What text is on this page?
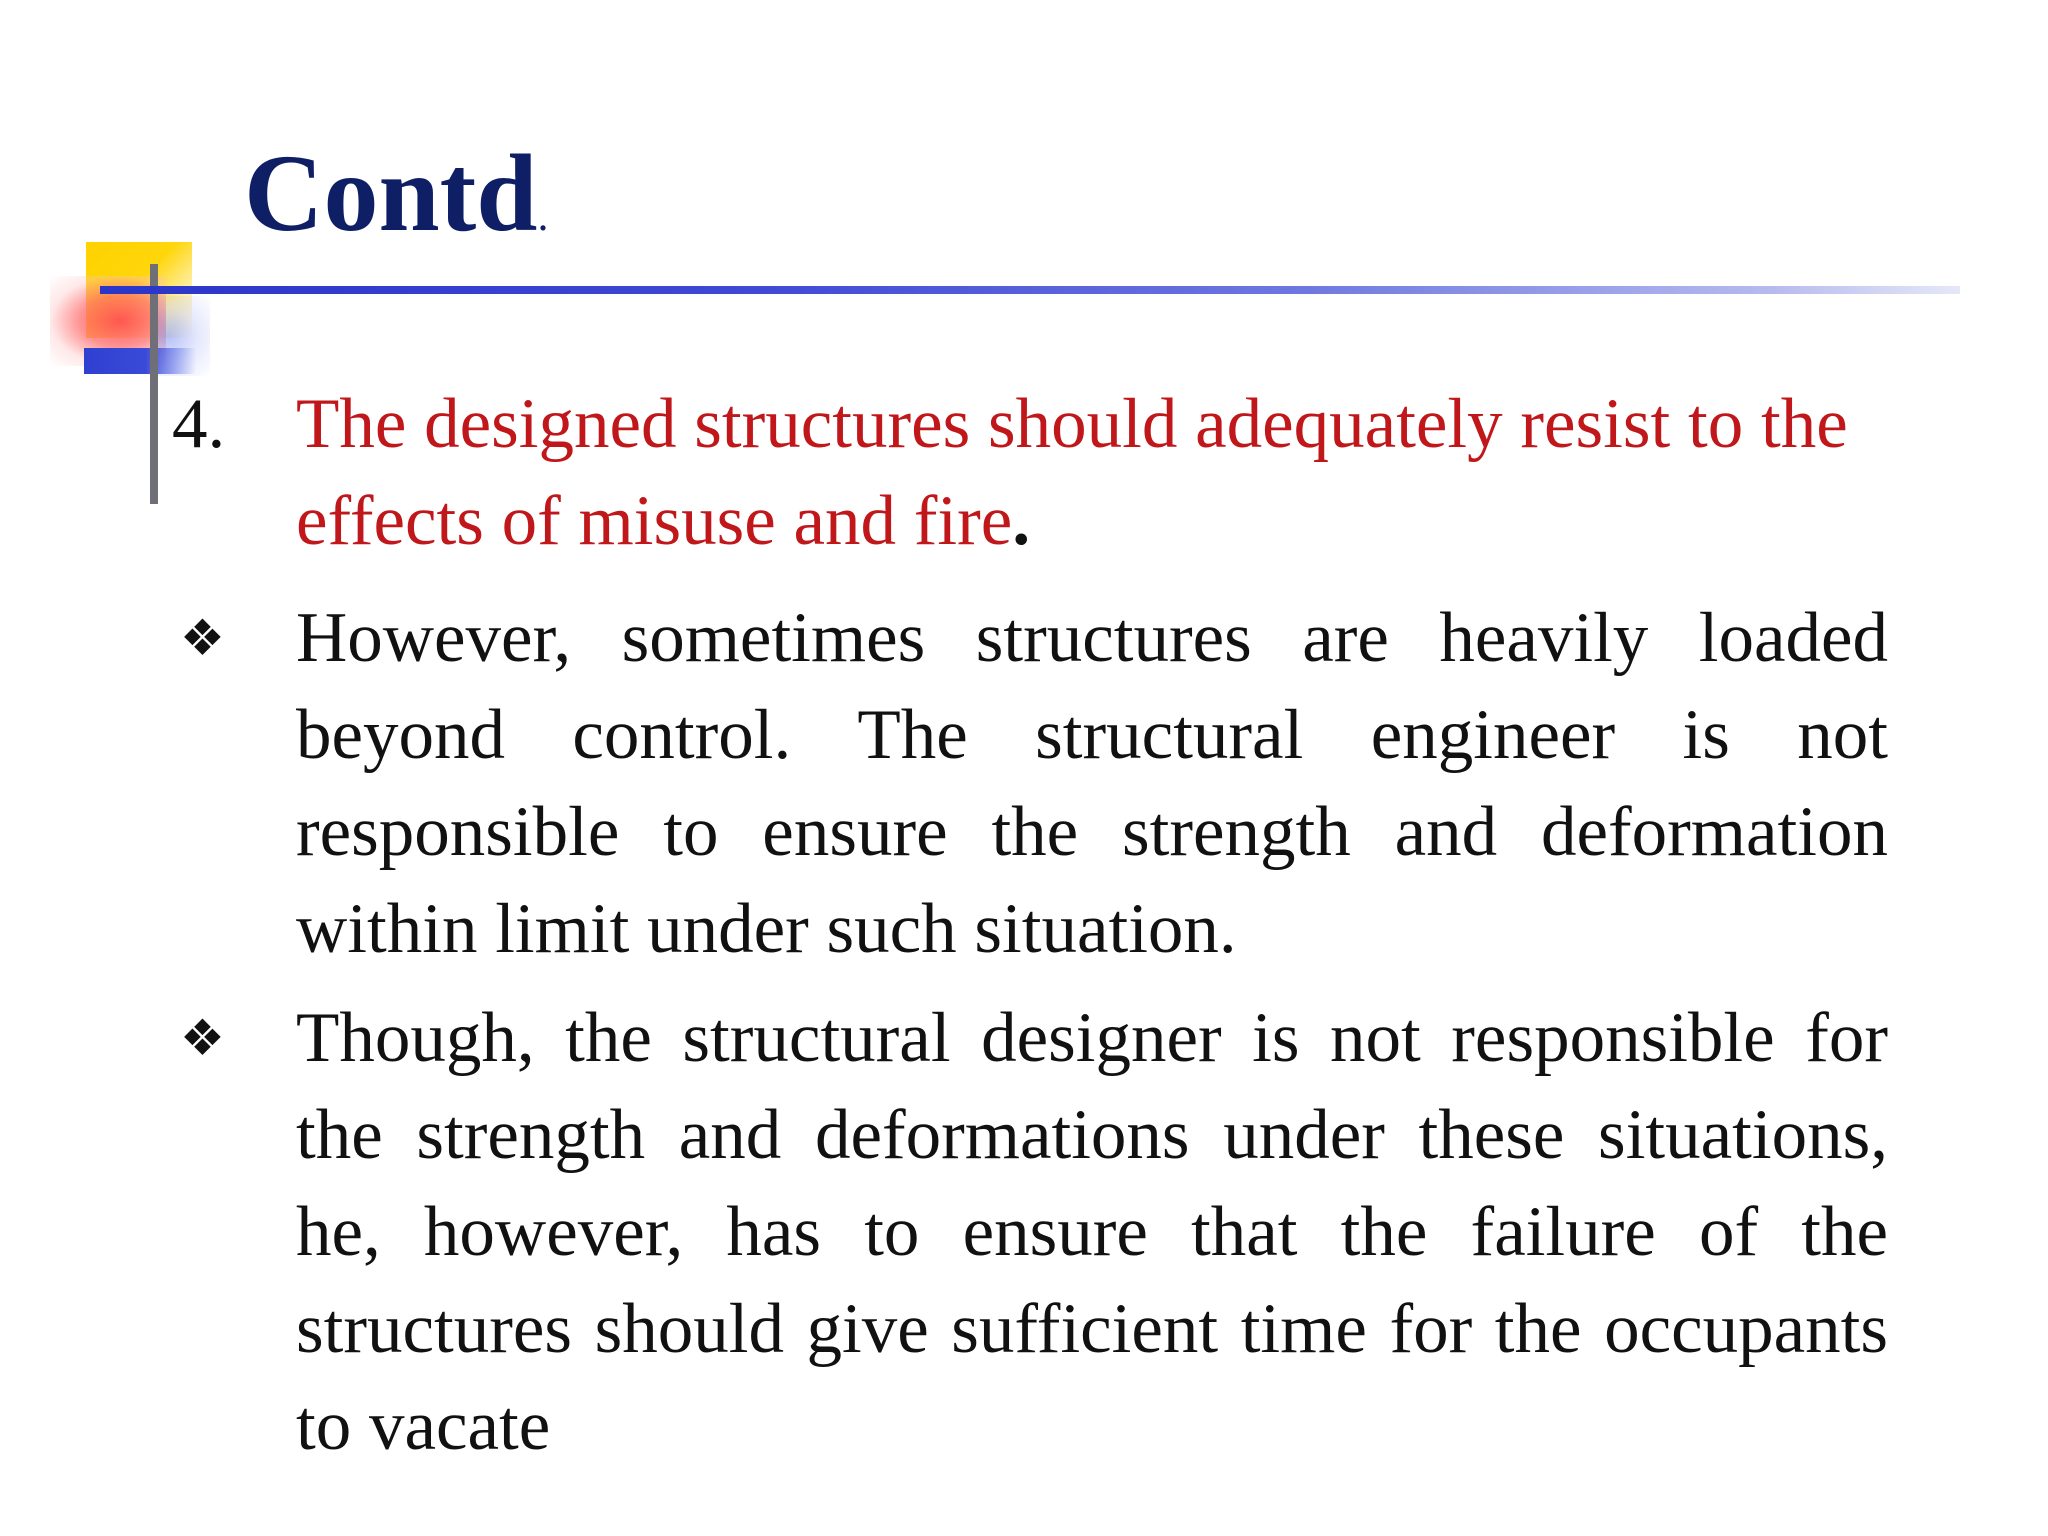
Contd.
4. The designed structures should adequately resist to the effects of misuse and fire.
❖	However, sometimes structures are heavily loaded beyond control. The structural engineer is not responsible to ensure the strength and deformation within limit under such situation.
❖	Though, the structural designer is not responsible for the strength and deformations under these situations, he, however, has to ensure that the failure of the structures should give sufficient time for the occupants to vacate
